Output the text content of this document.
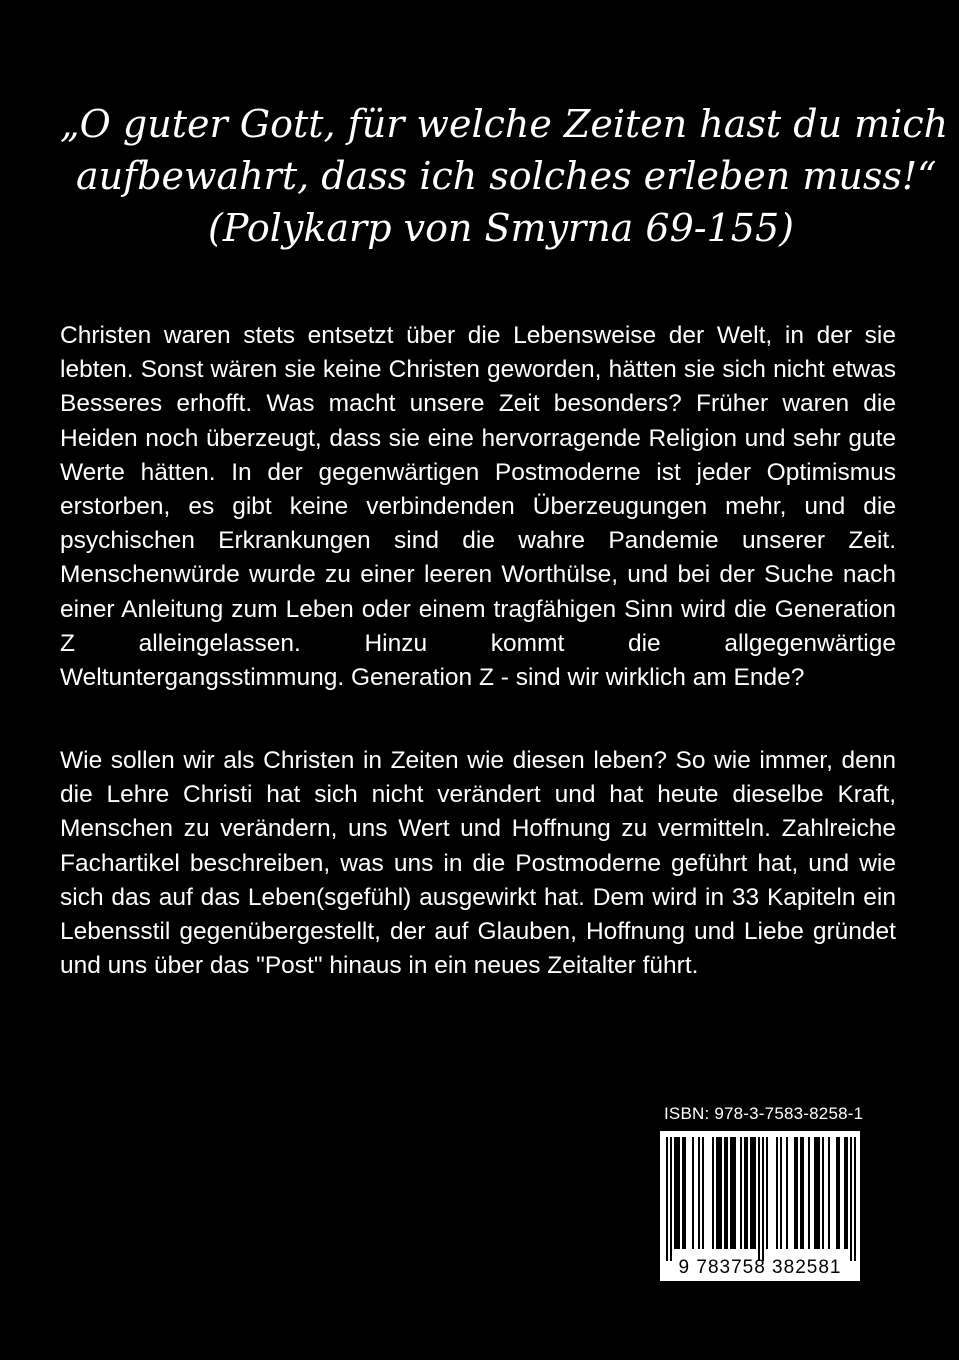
„O guter Gott, für welche Zeiten hast du mich
aufbewahrt, dass ich solches erleben muss!“
(Polykarp von Smyrna 69-155)

Christen waren stets entsetzt über die Lebensweise der Welt, in der sie lebten. Sonst wären sie keine Christen geworden, hätten sie sich nicht etwas Besseres erhofft. Was macht unsere Zeit besonders? Früher waren die Heiden noch überzeugt, dass sie eine hervorragende Religion und sehr gute Werte hätten. In der gegenwärtigen Postmoderne ist jeder Optimismus erstorben, es gibt keine verbindenden Überzeugungen mehr, und die psychischen Erkrankungen sind die wahre Pandemie unserer Zeit. Menschenwürde wurde zu einer leeren Worthülse, und bei der Suche nach einer Anleitung zum Leben oder einem tragfähigen Sinn wird die Generation Z alleingelassen. Hinzu kommt die allgegenwärtige Weltuntergangsstimmung. Generation Z - sind wir wirklich am Ende?

Wie sollen wir als Christen in Zeiten wie diesen leben? So wie immer, denn die Lehre Christi hat sich nicht verändert und hat heute dieselbe Kraft, Menschen zu verändern, uns Wert und Hoffnung zu vermitteln. Zahlreiche Fachartikel beschreiben, was uns in die Postmoderne geführt hat, und wie sich das auf das Leben(sgefühl) ausgewirkt hat. Dem wird in 33 Kapiteln ein Lebensstil gegenübergestellt, der auf Glauben, Hoffnung und Liebe gründet und uns über das "Post" hinaus in ein neues Zeitalter führt.

ISBN: 978-3-7583-8258-1
9 783758 382581
